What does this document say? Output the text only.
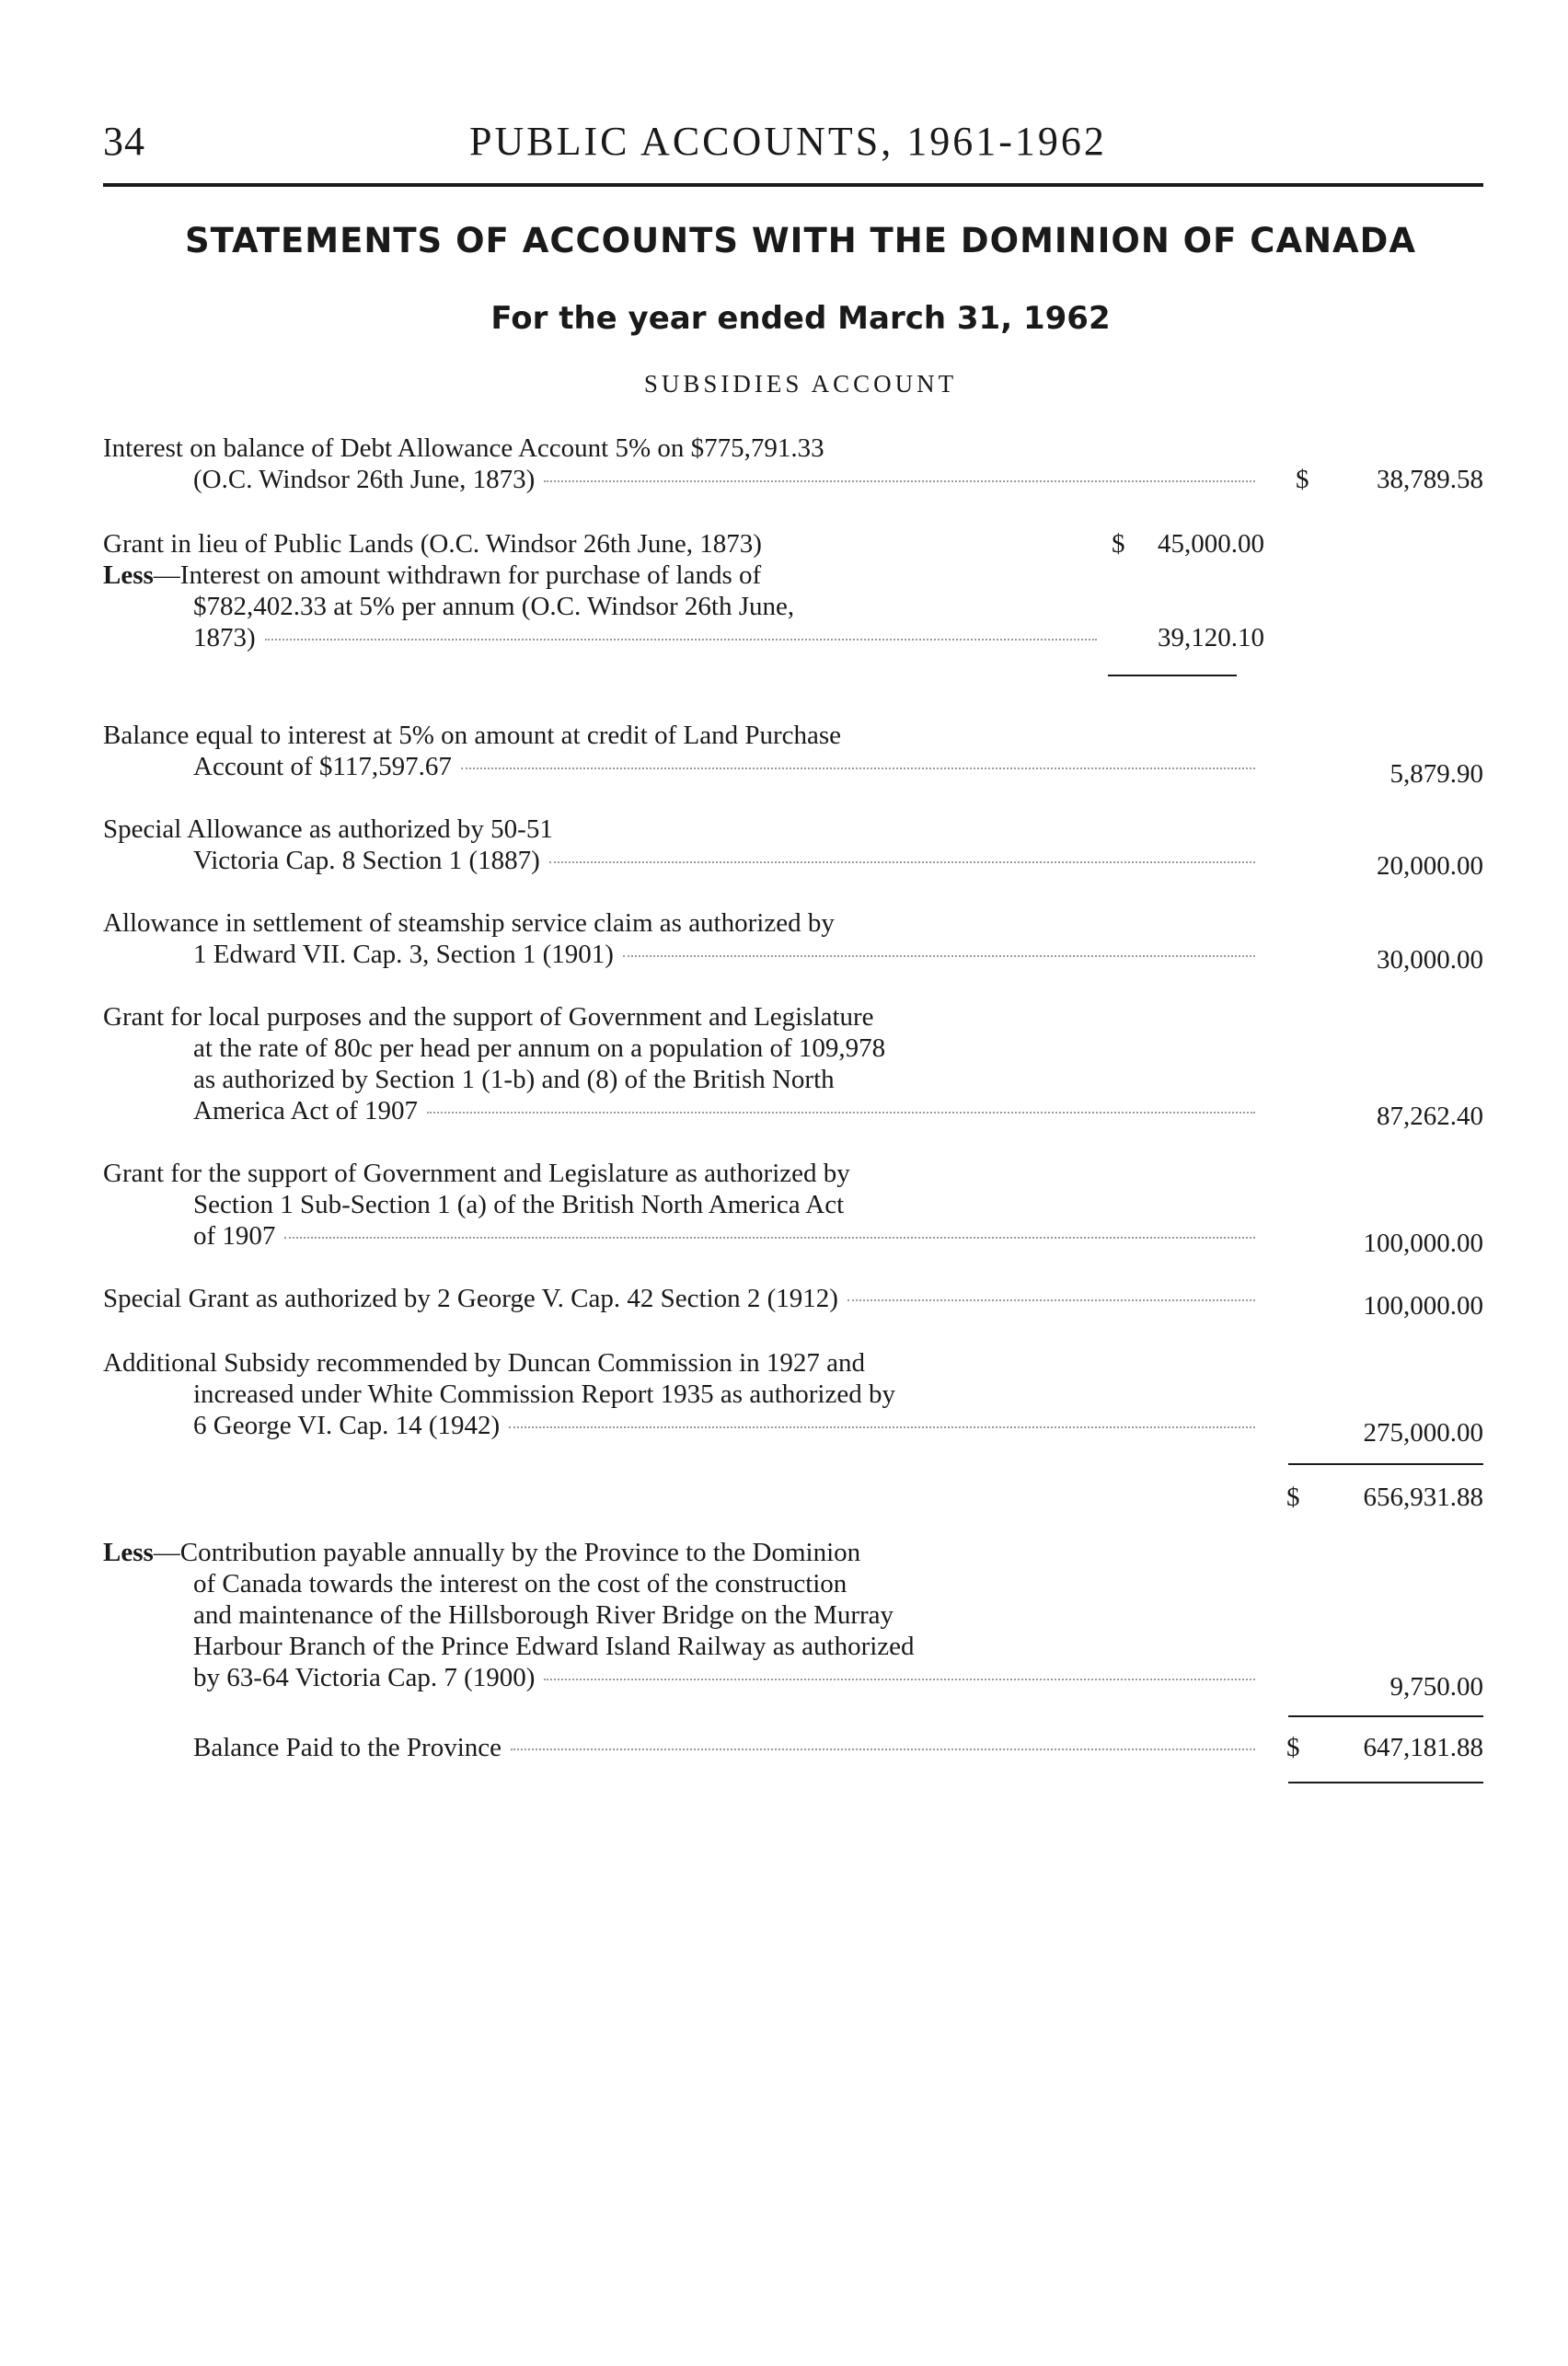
34	PUBLIC ACCOUNTS, 1961-1962
STATEMENTS OF ACCOUNTS WITH THE DOMINION OF CANADA
For the year ended March 31, 1962
SUBSIDIES ACCOUNT
Interest on balance of Debt Allowance Account 5% on $775,791.33
(O.C. Windsor 26th June, 1873)	$	38,789.58
Grant in lieu of Public Lands (O.C. Windsor 26th June, 1873)	$ 45,000.00
Less—Interest on amount withdrawn for purchase of lands of
$782,402.33 at 5% per annum (O.C. Windsor 26th June,
1873)	39,120.10
Balance equal to interest at 5% on amount at credit of Land Purchase
Account of $117,597.67	5,879.90
Special Allowance as authorized by 50-51
Victoria Cap. 8 Section 1 (1887)	20,000.00
Allowance in settlement of steamship service claim as authorized by
1 Edward VII. Cap. 3, Section 1 (1901)	30,000.00
Grant for local purposes and the support of Government and Legislature
at the rate of 80c per head per annum on a population of 109,978
as authorized by Section 1 (1-b) and (8) of the British North
America Act of 1907	87,262.40
Grant for the support of Government and Legislature as authorized by
Section 1 Sub-Section 1 (a) of the British North America Act
of 1907	100,000.00
Special Grant as authorized by 2 George V. Cap. 42 Section 2 (1912)	100,000.00
Additional Subsidy recommended by Duncan Commission in 1927 and
increased under White Commission Report 1935 as authorized by
6 George VI. Cap. 14 (1942)	275,000.00
$ 656,931.88
Less—Contribution payable annually by the Province to the Dominion
of Canada towards the interest on the cost of the construction
and maintenance of the Hillsborough River Bridge on the Murray
Harbour Branch of the Prince Edward Island Railway as authorized
by 63-64 Victoria Cap. 7 (1900)	9,750.00
Balance Paid to the Province	$ 647,181.88
